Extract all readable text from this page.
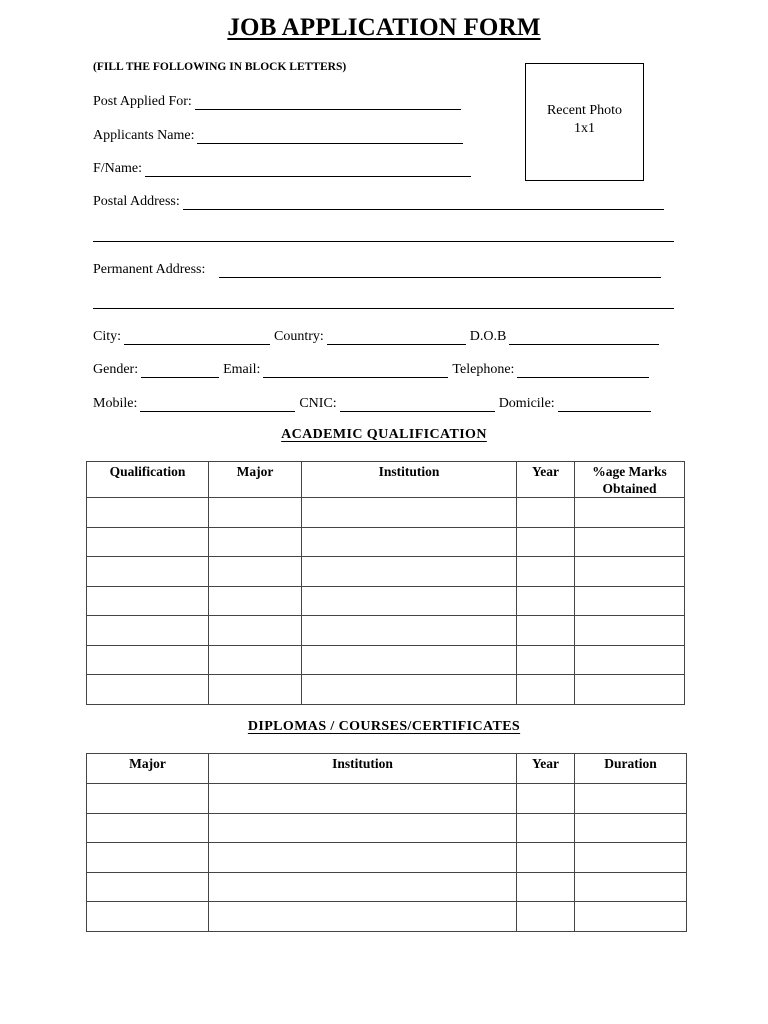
JOB APPLICATION FORM
(FILL THE FOLLOWING IN BLOCK LETTERS)
Recent Photo
1x1
Post Applied For:
Applicants Name:
F/Name:
Postal Address:
Permanent Address:
City:	Country:	D.O.B
Gender:	Email:	Telephone:
Mobile:	CNIC:	Domicile:
ACADEMIC QUALIFICATION
Qualification	Major	Institution	Year	%age Marks Obtained

DIPLOMAS / COURSES/CERTIFICATES
Major	Institution	Year	Duration
